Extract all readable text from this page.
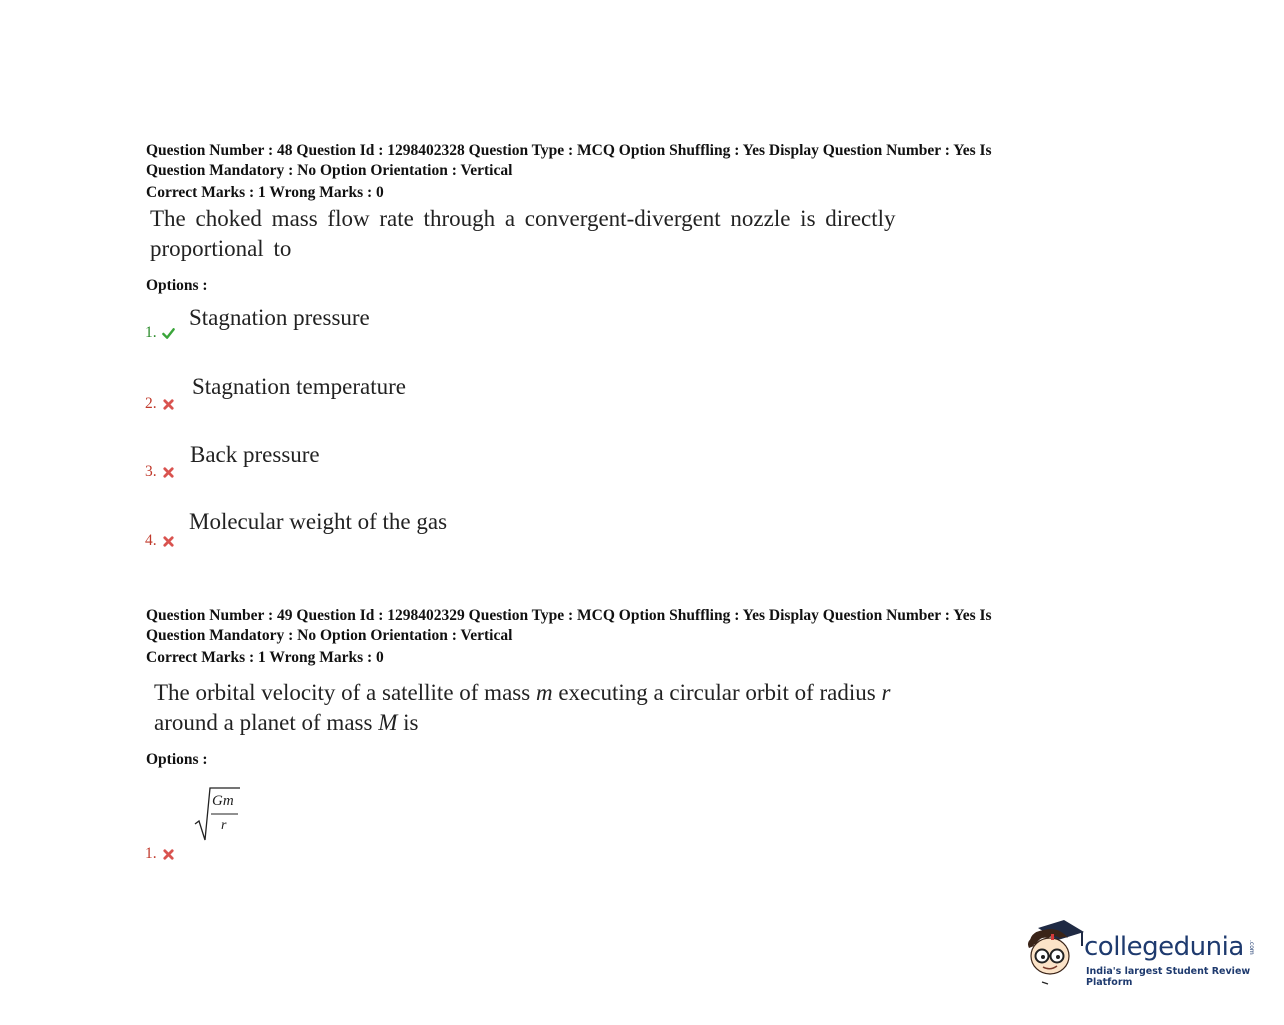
Question Number : 48 Question Id : 1298402328 Question Type : MCQ Option Shuffling : Yes Display Question Number : Yes Is
Question Mandatory : No Option Orientation : Vertical
Correct Marks : 1 Wrong Marks : 0
The choked mass flow rate through a convergent-divergent nozzle is directly
proportional to
Options :
1.
Stagnation pressure
2.
Stagnation temperature
3.
Back pressure
4.
Molecular weight of the gas
Question Number : 49 Question Id : 1298402329 Question Type : MCQ Option Shuffling : Yes Display Question Number : Yes Is
Question Mandatory : No Option Orientation : Vertical
Correct Marks : 1 Wrong Marks : 0
The orbital velocity of a satellite of mass m executing a circular orbit of radius r
around a planet of mass M is
Options :
1.
Gm
r
collegedunia .com
India's largest Student Review Platform
